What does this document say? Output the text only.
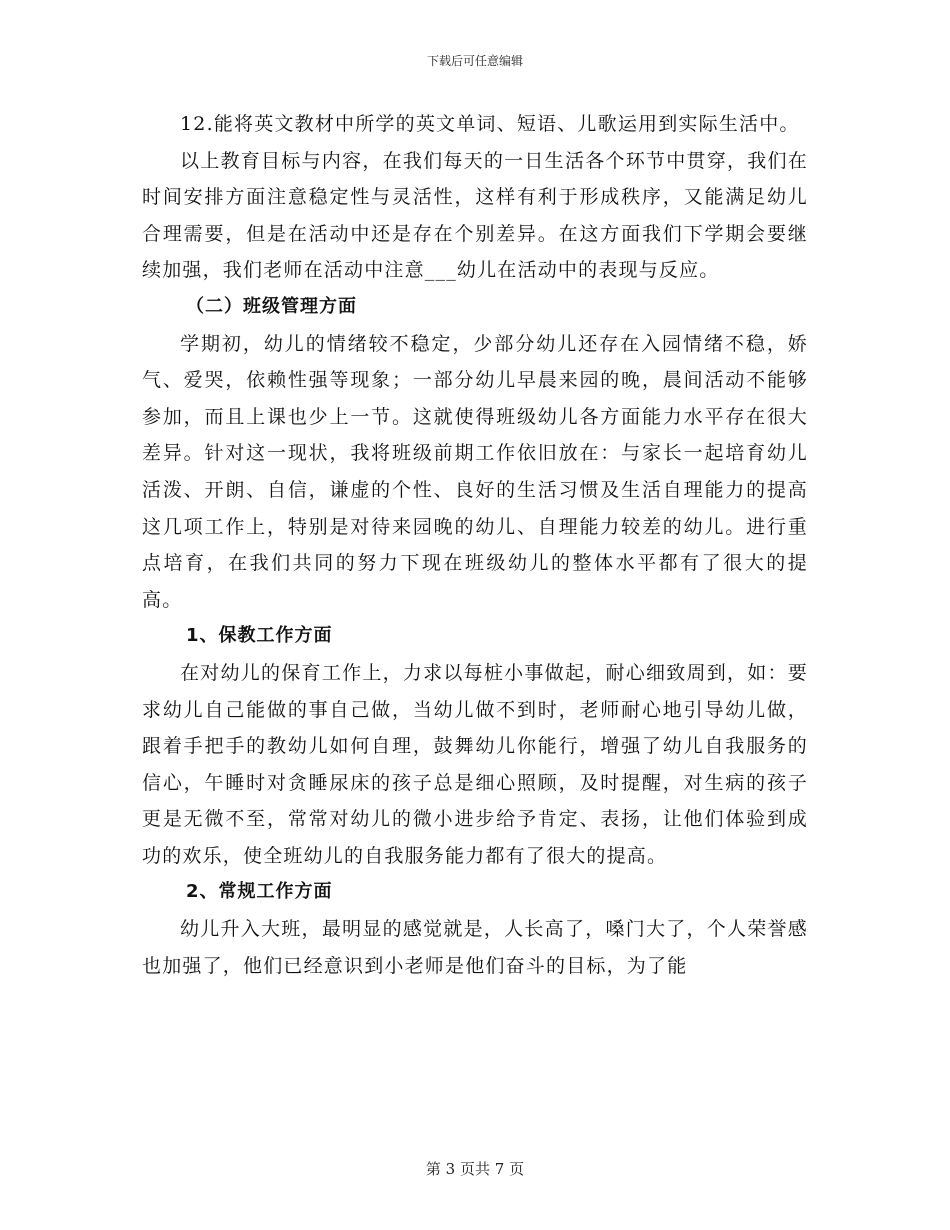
下载后可任意编辑

12.能将英文教材中所学的英文单词、短语、儿歌运用到实际生活中。

以上教育目标与内容，在我们每天的一日生活各个环节中贯穿，我们在时间安排方面注意稳定性与灵活性，这样有利于形成秩序，又能满足幼儿合理需要，但是在活动中还是存在个别差异。在这方面我们下学期会要继续加强，我们老师在活动中注意___幼儿在活动中的表现与反应。

（二）班级管理方面

学期初，幼儿的情绪较不稳定，少部分幼儿还存在入园情绪不稳，娇气、爱哭，依赖性强等现象；一部分幼儿早晨来园的晚，晨间活动不能够参加，而且上课也少上一节。这就使得班级幼儿各方面能力水平存在很大差异。针对这一现状，我将班级前期工作依旧放在：与家长一起培育幼儿活泼、开朗、自信，谦虚的个性、良好的生活习惯及生活自理能力的提高这几项工作上，特别是对待来园晚的幼儿、自理能力较差的幼儿。进行重点培育，在我们共同的努力下现在班级幼儿的整体水平都有了很大的提高。

1、保教工作方面

在对幼儿的保育工作上，力求以每桩小事做起，耐心细致周到，如：要求幼儿自己能做的事自己做，当幼儿做不到时，老师耐心地引导幼儿做，跟着手把手的教幼儿如何自理，鼓舞幼儿你能行，增强了幼儿自我服务的信心，午睡时对贪睡尿床的孩子总是细心照顾，及时提醒，对生病的孩子更是无微不至，常常对幼儿的微小进步给予肯定、表扬，让他们体验到成功的欢乐，使全班幼儿的自我服务能力都有了很大的提高。

2、常规工作方面

幼儿升入大班，最明显的感觉就是，人长高了，嗓门大了，个人荣誉感也加强了，他们已经意识到小老师是他们奋斗的目标，为了能

第 3 页共 7 页
